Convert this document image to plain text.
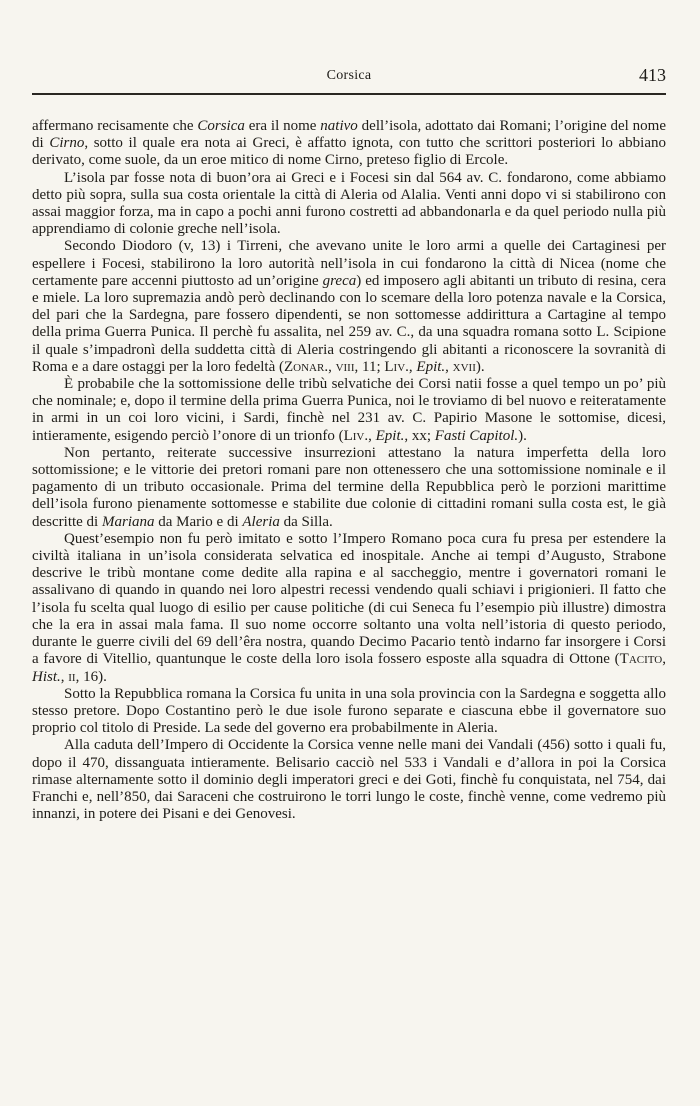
Corsica	413

affermano recisamente che Corsica era il nome nativo dell’isola, adottato dai Romani; l’origine del nome di Cirno, sotto il quale era nota ai Greci, è affatto ignota, con tutto che scrittori posteriori lo abbiano derivato, come suole, da un eroe mitico di nome Cirno, preteso figlio di Ercole.

L’isola par fosse nota di buon’ora ai Greci e i Focesi sin dal 564 av. C. fondarono, come abbiamo detto più sopra, sulla sua costa orientale la città di Aleria od Alalia. Venti anni dopo vi si stabilirono con assai maggior forza, ma in capo a pochi anni furono costretti ad abbandonarla e da quel periodo nulla più apprendiamo di colonie greche nell’isola.

Secondo Diodoro (v, 13) i Tirreni, che avevano unite le loro armi a quelle dei Cartaginesi per espellere i Focesi, stabilirono la loro autorità nell’isola in cui fondarono la città di Nicea (nome che certamente pare accenni piuttosto ad un’origine greca) ed imposero agli abitanti un tributo di resina, cera e miele. La loro supremazia andò però declinando con lo scemare della loro potenza navale e la Corsica, del pari che la Sardegna, pare fossero dipendenti, se non sottomesse addirittura a Cartagine al tempo della prima Guerra Punica. Il perchè fu assalita, nel 259 av. C., da una squadra romana sotto L. Scipione il quale s’impadronì della suddetta città di Aleria costringendo gli abitanti a riconoscere la sovranità di Roma e a dare ostaggi per la loro fedeltà (Zonar., viii, 11; Liv., Epit., xvii).

È probabile che la sottomissione delle tribù selvatiche dei Corsi natii fosse a quel tempo un po’ più che nominale; e, dopo il termine della prima Guerra Punica, noi le troviamo di bel nuovo e reiteratamente in armi in un coi loro vicini, i Sardi, finchè nel 231 av. C. Papirio Masone le sottomise, dicesi, intieramente, esigendo perciò l’onore di un trionfo (Liv., Epit., xx; Fasti Capitol.).

Non pertanto, reiterate successive insurrezioni attestano la natura imperfetta della loro sottomissione; e le vittorie dei pretori romani pare non ottenessero che una sottomissione nominale e il pagamento di un tributo occasionale. Prima del termine della Repubblica però le porzioni marittime dell’isola furono pienamente sottomesse e stabilite due colonie di cittadini romani sulla costa est, le già descritte di Mariana da Mario e di Aleria da Silla.

Quest’esempio non fu però imitato e sotto l’Impero Romano poca cura fu presa per estendere la civiltà italiana in un’isola considerata selvatica ed inospitale. Anche ai tempi d’Augusto, Strabone descrive le tribù montane come dedite alla rapina e al saccheggio, mentre i governatori romani le assalivano di quando in quando nei loro alpestri recessi vendendo quali schiavi i prigionieri. Il fatto che l’isola fu scelta qual luogo di esilio per cause politiche (di cui Seneca fu l’esempio più illustre) dimostra che la era in assai mala fama. Il suo nome occorre soltanto una volta nell’istoria di questo periodo, durante le guerre civili del 69 dell’êra nostra, quando Decimo Pacario tentò indarno far insorgere i Corsi a favore di Vitellio, quantunque le coste della loro isola fossero esposte alla squadra di Ottone (Tacito, Hist., ii, 16).

Sotto la Repubblica romana la Corsica fu unita in una sola provincia con la Sardegna e soggetta allo stesso pretore. Dopo Costantino però le due isole furono separate e ciascuna ebbe il governatore suo proprio col titolo di Preside. La sede del governo era probabilmente in Aleria.

Alla caduta dell’Impero di Occidente la Corsica venne nelle mani dei Vandali (456) sotto i quali fu, dopo il 470, dissanguata intieramente. Belisario cacciò nel 533 i Vandali e d’allora in poi la Corsica rimase alternamente sotto il dominio degli imperatori greci e dei Goti, finchè fu conquistata, nel 754, dai Franchi e, nell’850, dai Saraceni che costruirono le torri lungo le coste, finchè venne, come vedremo più innanzi, in potere dei Pisani e dei Genovesi.
